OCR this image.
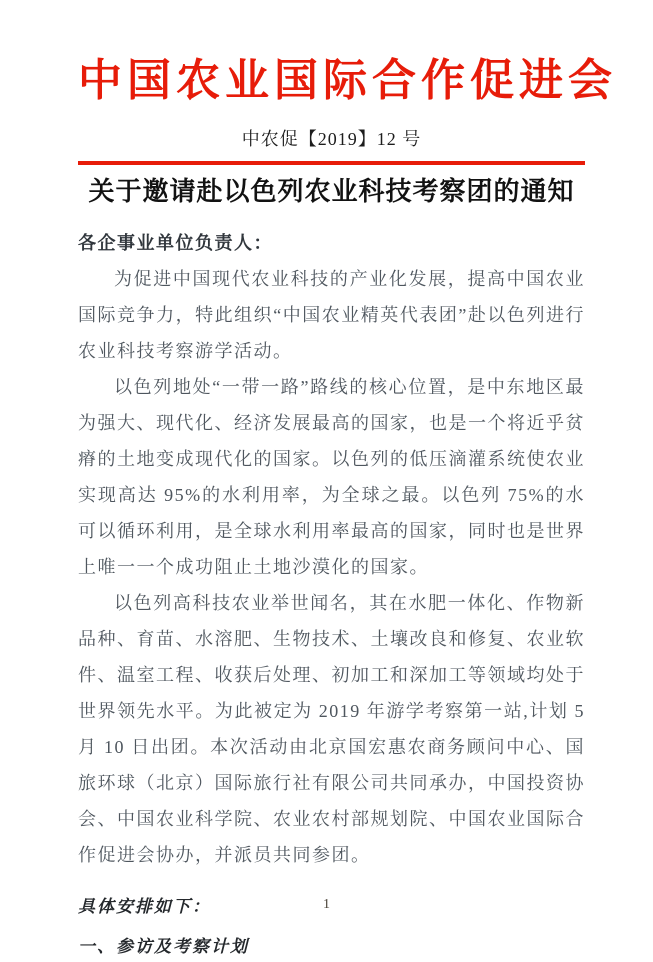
中国农业国际合作促进会
中农促【2019】12 号
关于邀请赴以色列农业科技考察团的通知
各企事业单位负责人：

为促进中国现代农业科技的产业化发展，提高中国农业国际竞争力，特此组织“中国农业精英代表团”赴以色列进行农业科技考察游学活动。

以色列地处“一带一路”路线的核心位置，是中东地区最为强大、现代化、经济发展最高的国家，也是一个将近乎贫瘠的土地变成现代化的国家。以色列的低压滴灌系统使农业实现高达 95%的水利用率，为全球之最。以色列 75%的水可以循环利用，是全球水利用率最高的国家，同时也是世界上唯一一个成功阻止土地沙漠化的国家。

以色列高科技农业举世闻名，其在水肥一体化、作物新品种、育苗、水溶肥、生物技术、土壤改良和修复、农业软件、温室工程、收获后处理、初加工和深加工等领域均处于世界领先水平。为此被定为 2019 年游学考察第一站,计划 5 月 10 日出团。本次活动由北京国宏惠农商务顾问中心、国旅环球（北京）国际旅行社有限公司共同承办，中国投资协会、中国农业科学院、农业农村部规划院、中国农业国际合作促进会协办，并派员共同参团。

具体安排如下：
一、参访及考察计划
1
